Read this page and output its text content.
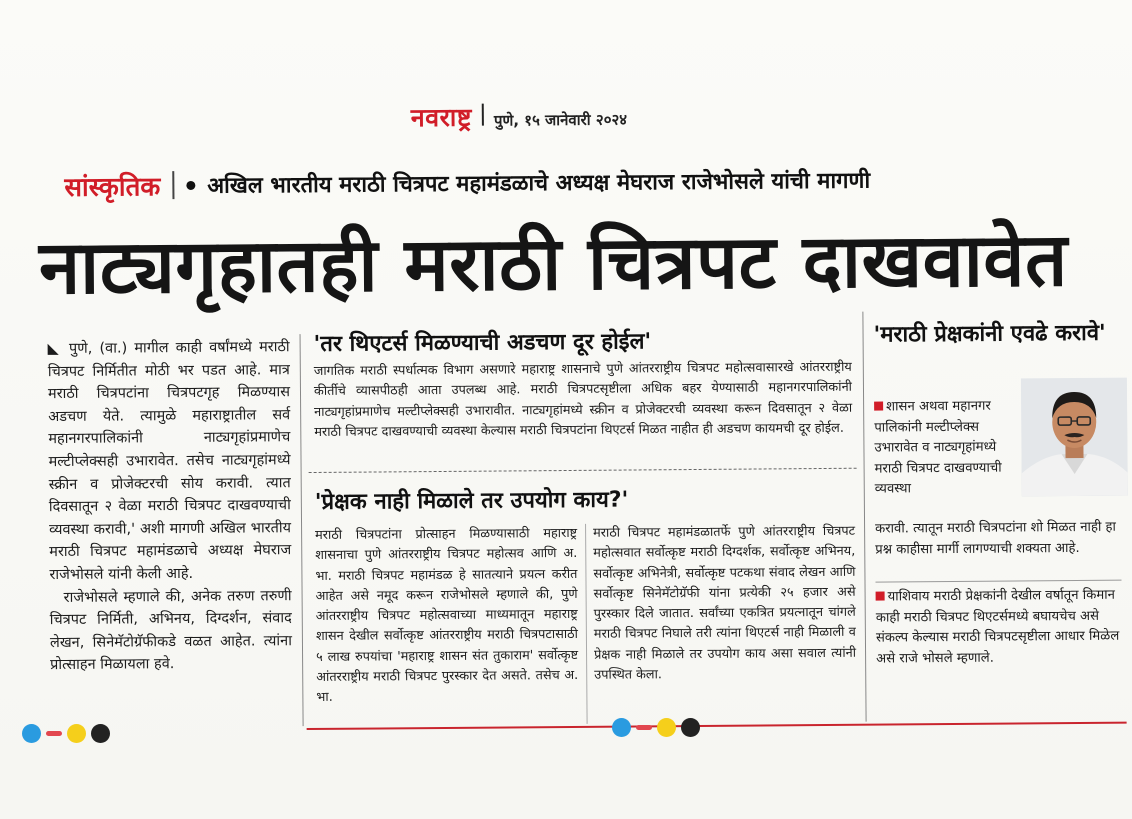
नवराष्ट्र पुणे, १५ जानेवारी २०२४
सांस्कृतिक अखिल भारतीय मराठी चित्रपट महामंडळाचे अध्यक्ष मेघराज राजेभोसले यांची मागणी
नाट्यगृहातही मराठी चित्रपट दाखवावेत

◣ पुणे, (वा.) मागील काही वर्षांमध्ये मराठी चित्रपट निर्मितीत मोठी भर पडत आहे. मात्र मराठी चित्रपटांना चित्रपटगृह मिळण्यास अडचण येते. त्यामुळे महाराष्ट्रातील सर्व महानगरपालिकांनी नाट्यगृहांप्रमाणेच मल्टीप्लेक्सही उभारावेत. तसेच नाट्यगृहांमध्ये स्क्रीन व प्रोजेक्टरची सोय करावी. त्यात दिवसातून २ वेळा मराठी चित्रपट दाखवण्याची व्यवस्था करावी,' अशी मागणी अखिल भारतीय मराठी चित्रपट महामंडळाचे अध्यक्ष मेघराज राजेभोसले यांनी केली आहे.

राजेभोसले म्हणाले की, अनेक तरुण तरुणी चित्रपट निर्मिती, अभिनय, दिग्दर्शन, संवाद लेखन, सिनेमॅटोग्रॅफीकडे वळत आहेत. त्यांना प्रोत्साहन मिळायला हवे.

'तर थिएटर्स मिळण्याची अडचण दूर होईल'
जागतिक मराठी स्पर्धात्मक विभाग असणारे महाराष्ट्र शासनाचे पुणे आंतरराष्ट्रीय चित्रपट महोत्सवासारखे आंतरराष्ट्रीय कीर्तीचे व्यासपीठही आता उपलब्ध आहे. मराठी चित्रपटसृष्टीला अधिक बहर येण्यासाठी महानगरपालिकांनी नाट्यगृहांप्रमाणेच मल्टीप्लेक्सही उभारावीत. नाट्यगृहांमध्ये स्क्रीन व प्रोजेक्टरची व्यवस्था करून दिवसातून २ वेळा मराठी चित्रपट दाखवण्याची व्यवस्था केल्यास मराठी चित्रपटांना थिएटर्स मिळत नाहीत ही अडचण कायमची दूर होईल.
'प्रेक्षक नाही मिळाले तर उपयोग काय?'
मराठी चित्रपटांना प्रोत्साहन मिळण्यासाठी महाराष्ट्र शासनाचा पुणे आंतरराष्ट्रीय चित्रपट महोत्सव आणि अ. भा. मराठी चित्रपट महामंडळ हे सातत्याने प्रयत्न करीत आहेत असे नमूद करून राजेभोसले म्हणाले की, पुणे आंतरराष्ट्रीय चित्रपट महोत्सवाच्या माध्यमातून महाराष्ट्र शासन देखील सर्वोत्कृष्ट आंतरराष्ट्रीय मराठी चित्रपटासाठी ५ लाख रुपयांचा 'महाराष्ट्र शासन संत तुकाराम' सर्वोत्कृष्ट आंतरराष्ट्रीय मराठी चित्रपट पुरस्कार देत असते. तसेच अ. भा.
मराठी चित्रपट महामंडळातर्फे पुणे आंतरराष्ट्रीय चित्रपट महोत्सवात सर्वोत्कृष्ट मराठी दिग्दर्शक, सर्वोत्कृष्ट अभिनय, सर्वोत्कृष्ट अभिनेत्री, सर्वोत्कृष्ट पटकथा संवाद लेखन आणि सर्वोत्कृष्ट सिनेमॅटोग्रॅफी यांना प्रत्येकी २५ हजार असे पुरस्कार दिले जातात. सर्वांच्या एकत्रित प्रयत्नातून चांगले मराठी चित्रपट निघाले तरी त्यांना थिएटर्स नाही मिळाली व प्रेक्षक नाही मिळाले तर उपयोग काय असा सवाल त्यांनी उपस्थित केला.
'मराठी प्रेक्षकांनी एवढे करावे'
शासन अथवा महानगर पालिकांनी मल्टीप्लेक्स उभारावेत व नाट्यगृहांमध्ये मराठी चित्रपट दाखवण्याची व्यवस्था
करावी. त्यातून मराठी चित्रपटांना शो मिळत नाही हा प्रश्न काहीसा मार्गी लागण्याची शक्यता आहे.
याशिवाय मराठी प्रेक्षकांनी देखील वर्षातून किमान काही मराठी चित्रपट थिएटर्समध्ये बघायचेच असे संकल्प केल्यास मराठी चित्रपटसृष्टीला आधार मिळेल असे राजे भोसले म्हणाले.
